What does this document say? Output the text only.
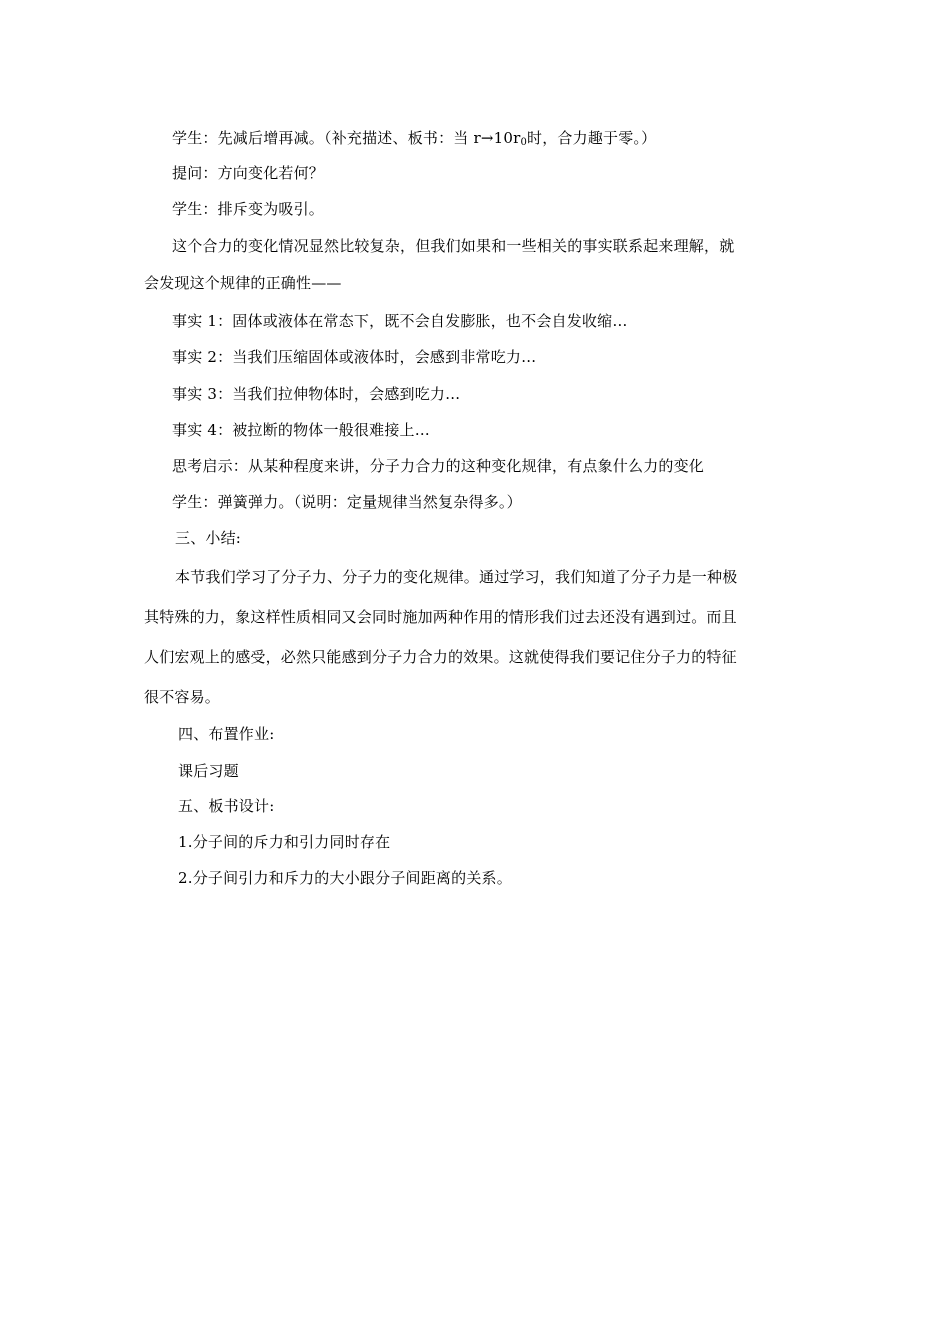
学生：先减后增再减。（补充描述、板书：当 $r\to 10r_0$时，合力趣于零。）
提问：方向变化若何？
学生：排斥变为吸引。
这个合力的变化情况显然比较复杂，但我们如果和一些相关的事实联系起来理解，就
会发现这个规律的正确性——
事实 1：固体或液体在常态下，既不会自发膨胀，也不会自发收缩…
事实 2：当我们压缩固体或液体时，会感到非常吃力…
事实 3：当我们拉伸物体时，会感到吃力…
事实 4：被拉断的物体一般很难接上…
思考启示：从某种程度来讲，分子力合力的这种变化规律，有点象什么力的变化
学生：弹簧弹力。（说明：定量规律当然复杂得多。）
三、小结:
本节我们学习了分子力、分子力的变化规律。通过学习，我们知道了分子力是一种极
其特殊的力，象这样性质相同又会同时施加两种作用的情形我们过去还没有遇到过。而且
人们宏观上的感受，必然只能感到分子力合力的效果。这就使得我们要记住分子力的特征
很不容易。
四、布置作业:
课后习题
五、板书设计:
1.分子间的斥力和引力同时存在
2.分子间引力和斥力的大小跟分子间距离的关系。
